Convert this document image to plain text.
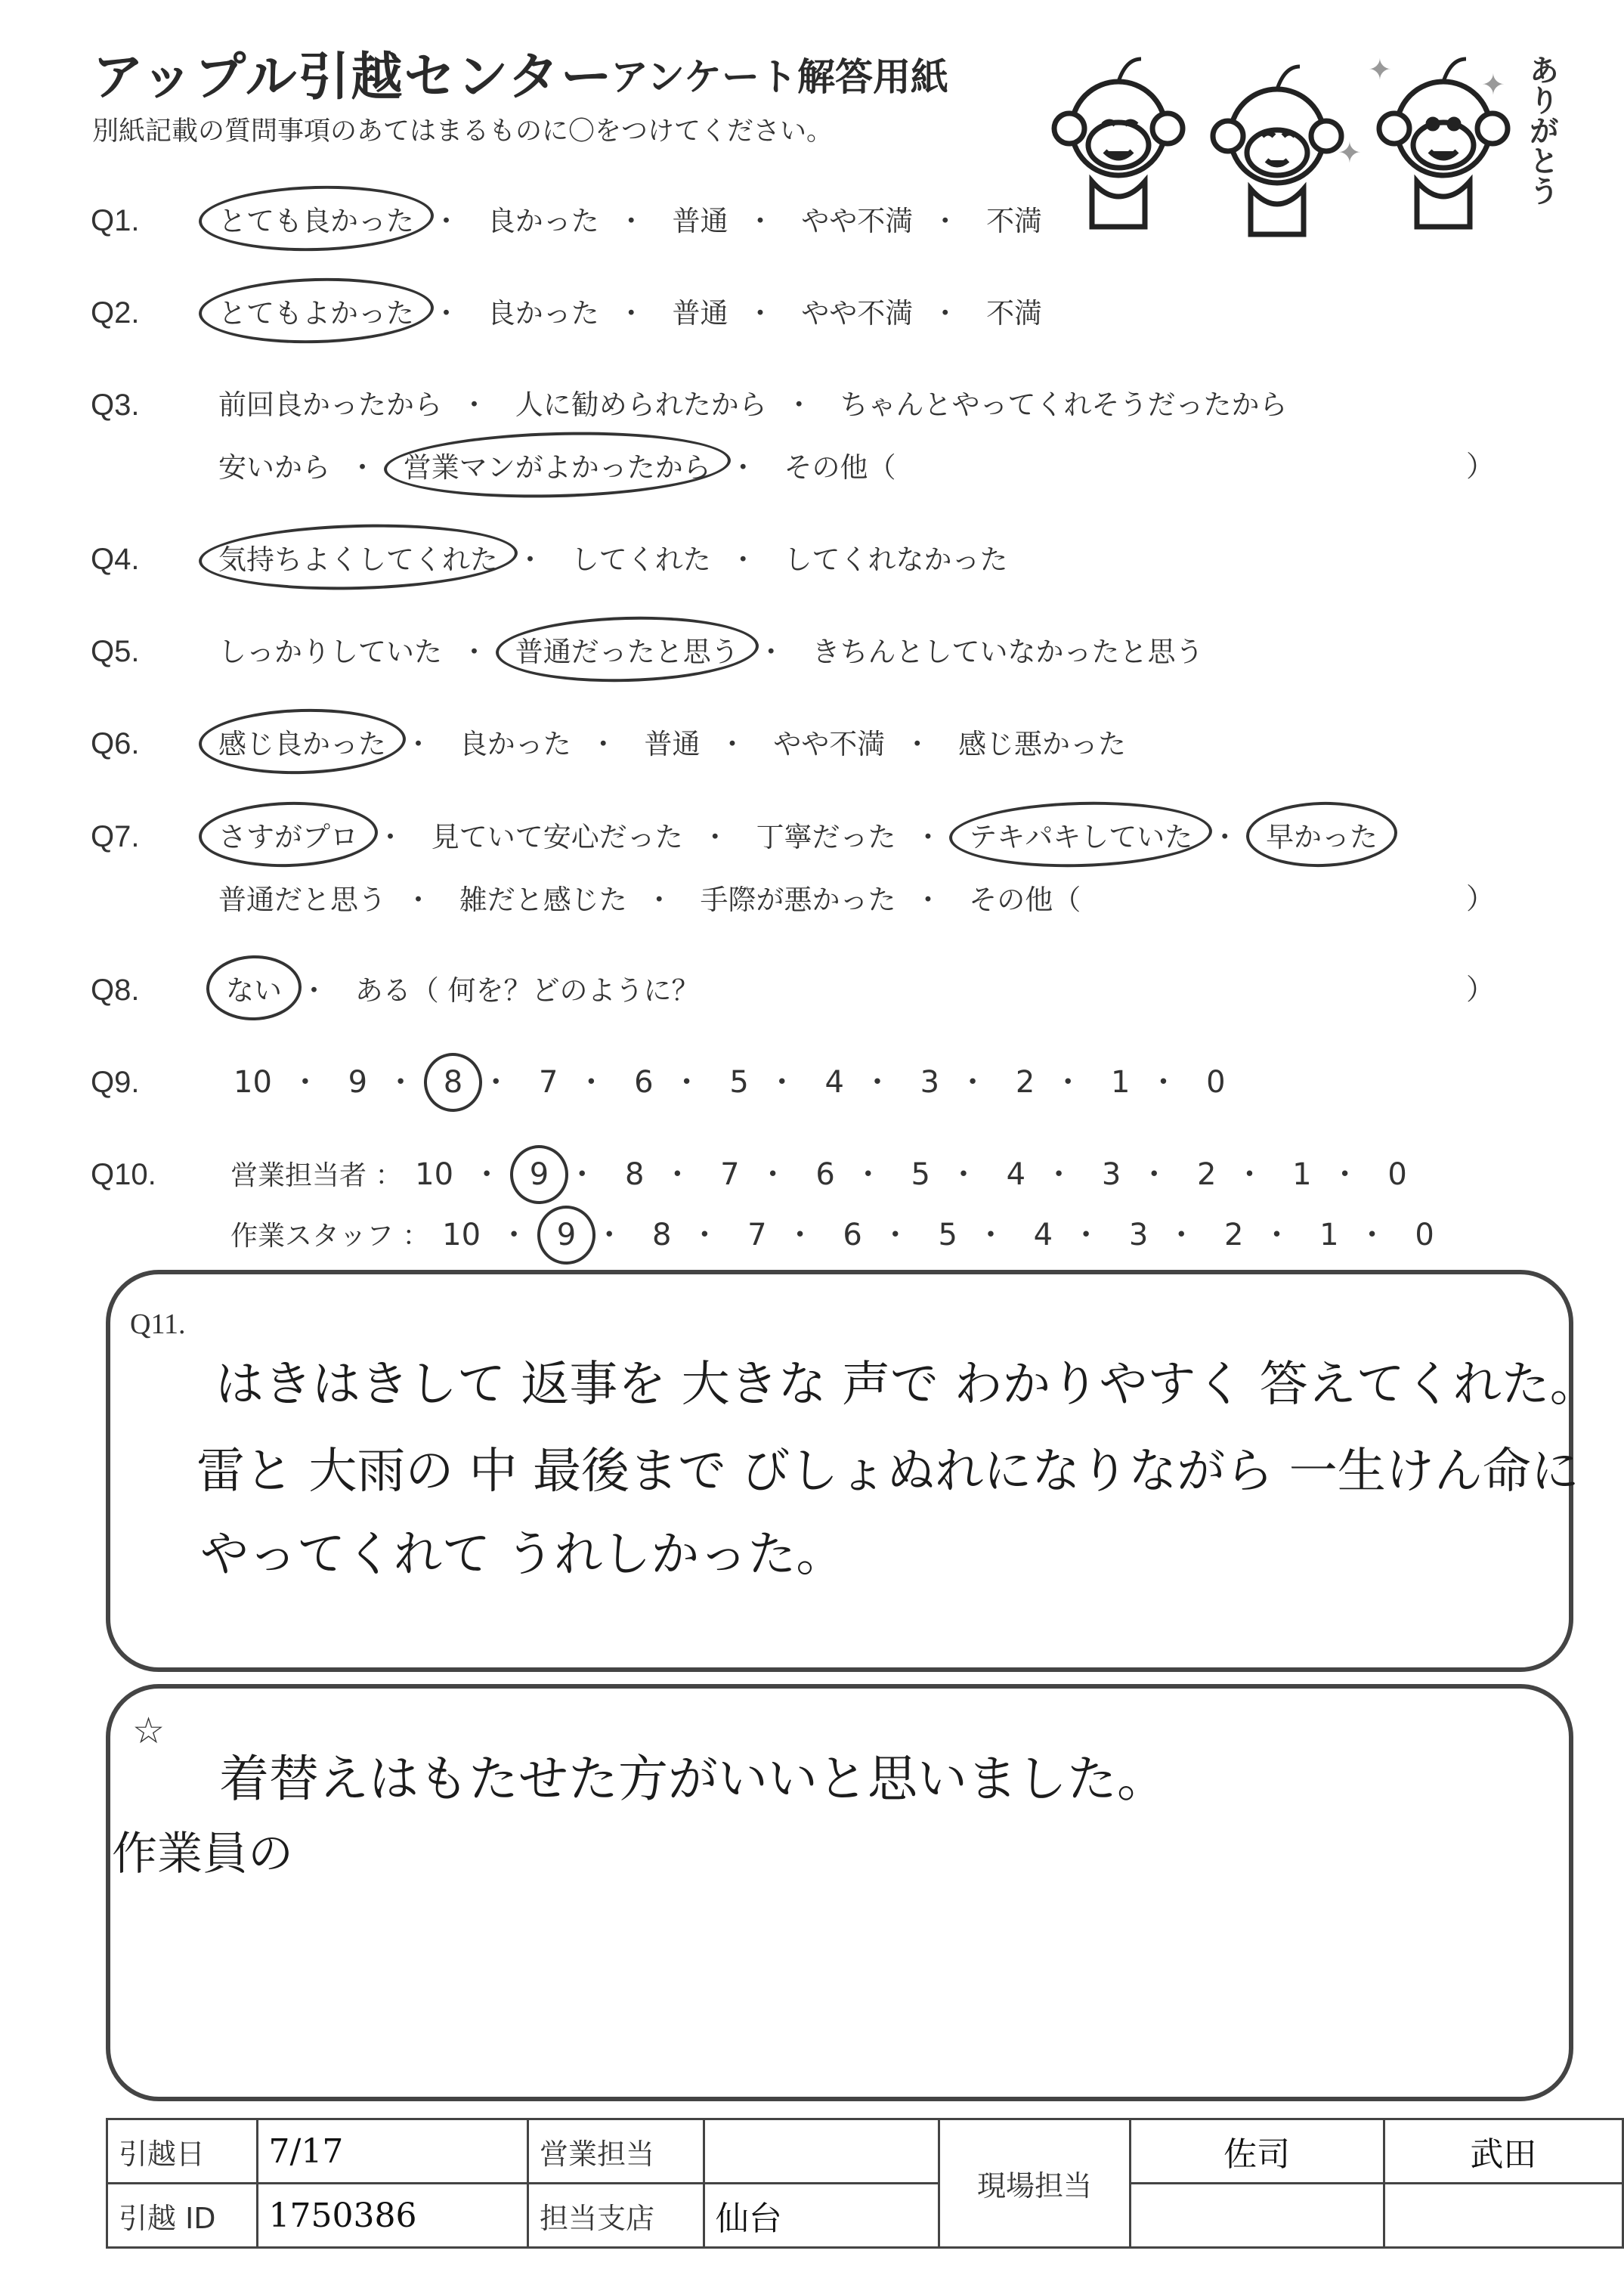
アップル引越センター
アンケート解答用紙
別紙記載の質問事項のあてはまるものに〇をつけてください。
✦
✦
✦ ありがとう
Q1.	とても良かった ・ 良かった ・ 普通 ・ やや不満 ・ 不満
Q2.	とてもよかった ・ 良かった ・ 普通 ・ やや不満 ・ 不満
Q3.	前回良かったから ・ 人に勧められたから ・ ちゃんとやってくれそうだったから
安いから ・ 営業マンがよかったから ・ その他（	）
Q4.	気持ちよくしてくれた ・ してくれた ・ してくれなかった
Q5.	しっかりしていた ・ 普通だったと思う ・ きちんとしていなかったと思う
Q6.	感じ良かった ・ 良かった ・ 普通 ・ やや不満 ・ 感じ悪かった
Q7.	さすがプロ ・ 見ていて安心だった ・ 丁寧だった ・ テキパキしていた ・ 早かった
普通だと思う ・ 雑だと感じた ・ 手際が悪かった ・ その他（	）
Q8.	ない ・ ある（ 何を？どのように？	）
Q9.	10 ・ 9 ・ 8 ・ 7 ・ 6 ・ 5 ・ 4 ・ 3 ・ 2 ・ 1 ・ 0
Q10.	営業担当者 ： 10 ・ 9 ・ 8 ・ 7 ・ 6 ・ 5 ・ 4 ・ 3 ・ 2 ・ 1 ・ 0
作業スタッフ ： 10 ・ 9 ・ 8 ・ 7 ・ 6 ・ 5 ・ 4 ・ 3 ・ 2 ・ 1 ・ 0
Q11.
はきはきして 返事を 大きな 声で わかりやすく 答えてくれた。
雷と 大雨の 中 最後まで びしょぬれになりながら 一生けん命に
やってくれて うれしかった。
☆
着替えはもたせた方がいいと思いました。
作業員の
引越日	7/17	営業担当		現場担当	佐司	武田
引越 ID	1750386	担当支店	仙台			
